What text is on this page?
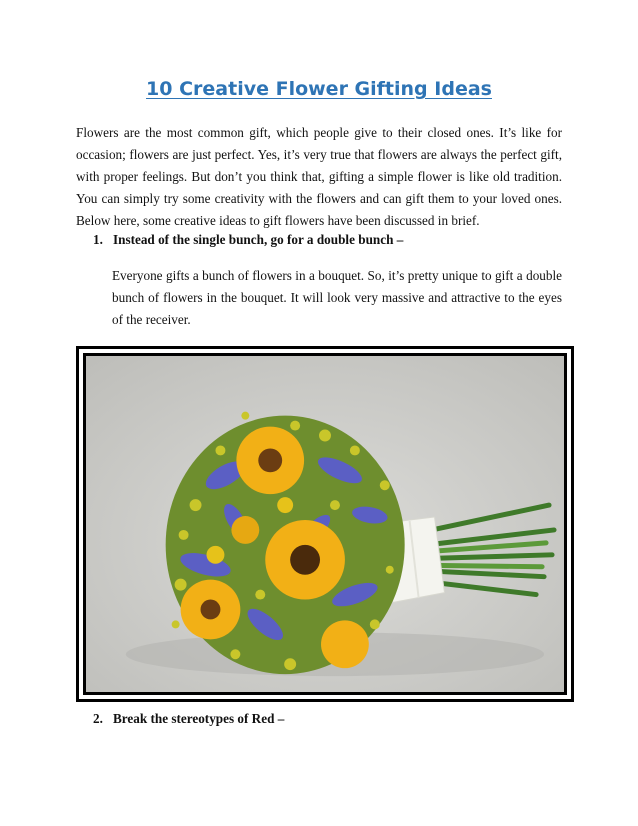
10 Creative Flower Gifting Ideas
Flowers are the most common gift, which people give to their closed ones. It’s like for occasion; flowers are just perfect. Yes, it’s very true that flowers are always the perfect gift, with proper feelings. But don’t you think that, gifting a simple flower is like old tradition. You can simply try some creativity with the flowers and can gift them to your loved ones. Below here, some creative ideas to gift flowers have been discussed in brief.
1. Instead of the single bunch, go for a double bunch –
Everyone gifts a bunch of flowers in a bouquet. So, it’s pretty unique to gift a double bunch of flowers in the bouquet. It will look very massive and attractive to the eyes of the receiver.
2. Break the stereotypes of Red –
